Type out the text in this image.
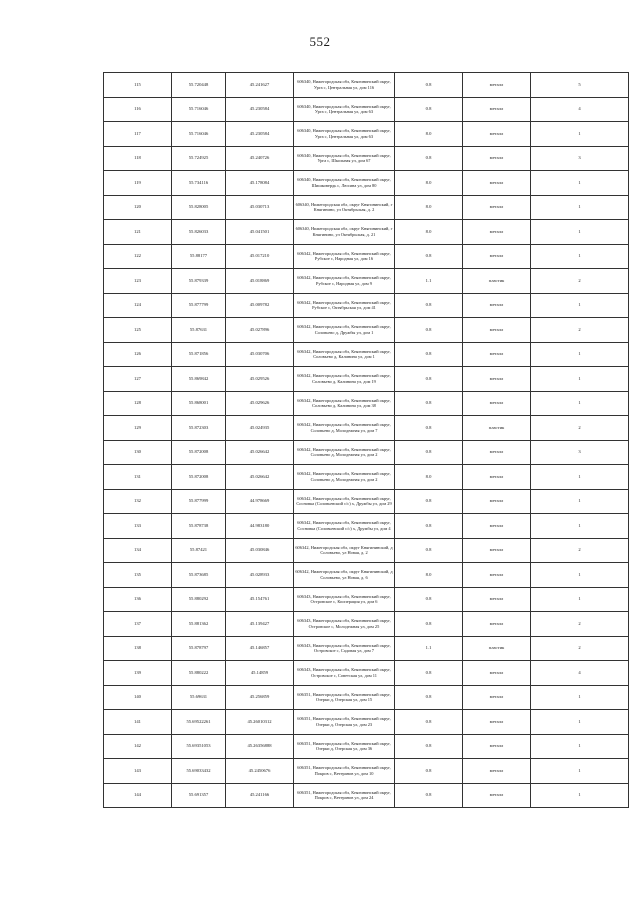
552
115	55.720448	45.241627	606340, Нижегородская обл, Княгининский округ, Урга с, Центральная ул, дом 116	0.8	металл	5
116	55.716046	45.230584	606340, Нижегородская обл, Княгининский округ, Урга с, Центральная ул, дом 63	0.8	металл	4
117	55.716046	45.230584	606340, Нижегородская обл, Княгининский округ, Урга с, Центральная ул, дом 63	8.0	металл	1
118	55.724925	45.240726	606340, Нижегородская обл, Княгининский округ, Урга с, Школьная ул, дом 67	0.8	металл	3
119	55.734116	45.178084	606340, Нижегородская обл, Княгининский округ, Шишковердь с, Люсина ул, дом 80	8.0	металл	1
120	55.828005	45.030713	606340, Нижегородская обл, округ Княгининский, г Княгинино, ул Октябрьская, д. 2	8.0	металл	1
121	55.826033	45.041501	606340, Нижегородская обл, округ Княгининский, г Княгинино, ул Октябрьская, д. 21	8.0	металл	1
122	55.88177	45.017210	606342, Нижегородская обл, Княгининский округ, Рубское с, Народная ул, дом 16	0.8	металл	1
123	55.879339	45.018869	606342, Нижегородская обл, Княгининский округ, Рубское с, Народная ул, дом 9	1.1	пластик	2
124	55.877799	45.009782	606342, Нижегородская обл, Княгининский округ, Рубское с, Октябрьская ул, дом 41	0.8	металл	1
125	55.87631	45.027896	606342, Нижегородская обл, Княгининский округ, Соловьево д, Дружбы ул, дом 1	0.8	металл	2
126	55.871856	45.030706	606342, Нижегородская обл, Княгининский округ, Соловьево д, Калинина ул, дом 1	0.8	металл	1
127	55.869842	45.029526	606342, Нижегородская обл, Княгининский округ, Соловьево д, Калинина ул, дом 19	0.8	металл	1
128	55.868001	45.029626	606342, Нижегородская обл, Княгининский округ, Соловьево д, Калинина ул, дом 38	0.8	металл	1
129	55.872303	45.024935	606342, Нижегородская обл, Княгининский округ, Соловьево д, Молодежная ул, дом 7	0.8	пластик	2
130	55.872008	45.026642	606342, Нижегородская обл, Княгининский округ, Соловьево д, Молодежная ул, дом 2	0.8	металл	3
131	55.872008	45.026642	606342, Нижегородская обл, Княгининский округ, Соловьево д, Молодежная ул, дом 2	8.0	металл	1
132	55.877999	44.978669	606342, Нижегородская обл, Княгининский округ, Сосновка (Соловьевский с/с) х, Дружбы ул, дом 29	0.8	металл	1
133	55.878738	44.983180	606342, Нижегородская обл, Княгининский округ, Сосновка (Соловьевский с/с) х, Дружбы ул, дом 4	0.8	металл	1
134	55.87421	45.030846	606342, Нижегородская обл, округ Княгининский, д Соловьево, ул Новая, д. 2	0.8	металл	2
135	55.873685	45.028933	606342, Нижегородская обл, округ Княгининский, д Соловьево, ул Новая, д. 6	8.0	металл	1
136	55.880292	45.154761	606343, Нижегородская обл, Княгининский округ, Островское с, Кооперация ул, дом 6	0.8	металл	1
137	55.881362	45.139427	606343, Нижегородская обл, Княгининский округ, Островское с, Молодежная ул, дом 25	0.8	металл	2
138	55.878797	45.146857	606343, Нижегородская обл, Княгининский округ, Островское с, Садовая ул, дом 7	1.1	пластик	2
139	55.880222	45.14859	606343, Нижегородская обл, Княгининский округ, Островское с, Советская ул, дом 11	0.8	металл	4
140	55.69631	45.256859	606351, Нижегородская обл, Княгининский округ, Озерки д, Озерская ул, дом 15	0.8	металл	1
141	55.69522261	45.26010312	606351, Нижегородская обл, Княгининский округ, Озерки д, Озерская ул, дом 23	0.8	металл	1
142	55.69351053	45.26356888	606351, Нижегородская обл, Княгининский округ, Озерки д, Озерская ул, дом 36	0.8	металл	1
143	55.69033432	45.2450676	606351, Нижегородская обл, Княгининский округ, Покров с, Ветеранов ул, дом 10	0.8	металл	1
144	55.691357	45.241166	606351, Нижегородская обл, Княгининский округ, Покров с, Ветеранов ул, дом 24	0.8	металл	1
